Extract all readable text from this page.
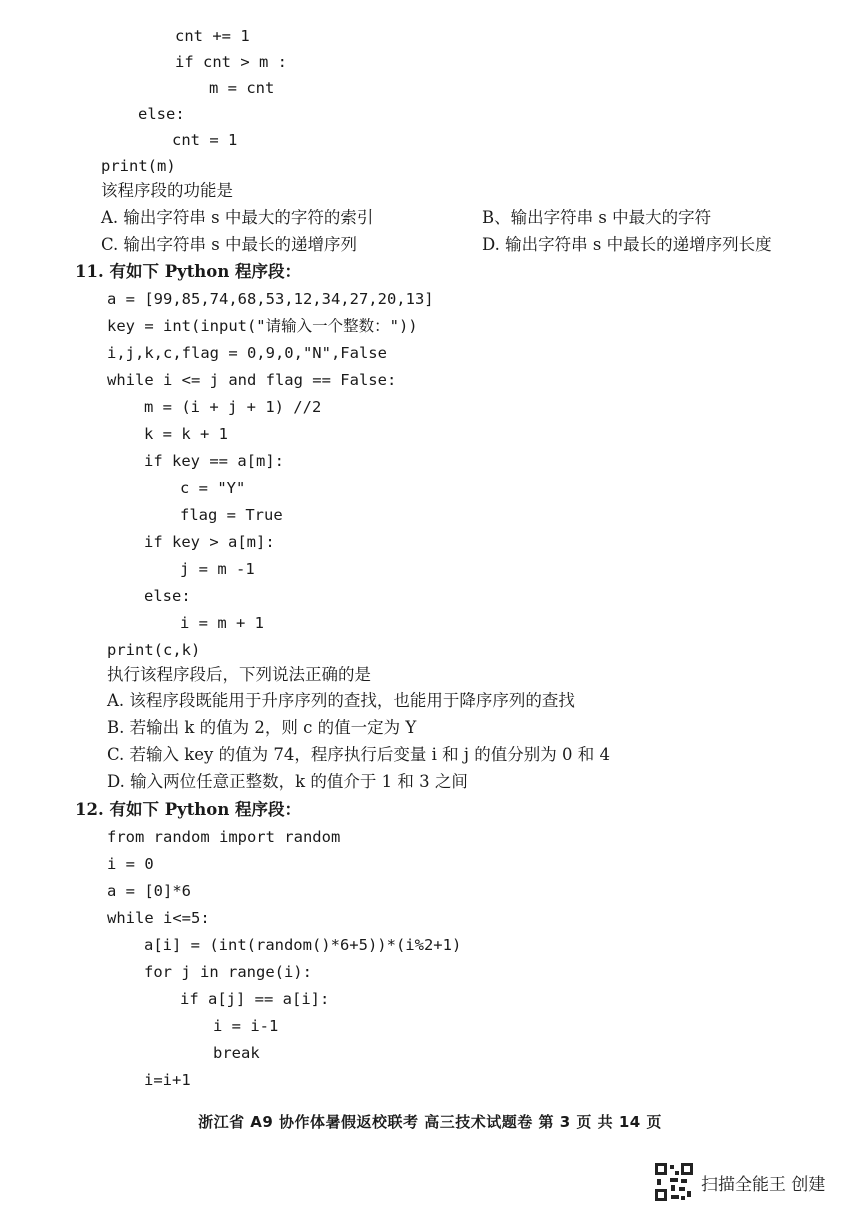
cnt += 1
if cnt > m :
m = cnt
else:
cnt = 1
print(m)
该程序段的功能是
A. 输出字符串 s 中最大的字符的索引	B、输出字符串 s 中最大的字符
C. 输出字符串 s 中最长的递增序列	D. 输出字符串 s 中最长的递增序列长度
11. 有如下 Python 程序段：
a = [99,85,74,68,53,12,34,27,20,13]
key = int(input("请输入一个整数："))
i,j,k,c,flag = 0,9,0,"N",False
while i <= j and flag == False:
m = (i + j + 1) //2
k = k + 1
if key == a[m]:
c = "Y"
flag = True
if key > a[m]:
j = m -1
else:
i = m + 1
print(c,k)
执行该程序段后，下列说法正确的是
A. 该程序段既能用于升序序列的查找，也能用于降序序列的查找
B. 若输出 k 的值为 2，则 c 的值一定为 Y
C. 若输入 key 的值为 74，程序执行后变量 i 和 j 的值分别为 0 和 4
D. 输入两位任意正整数，k 的值介于 1 和 3 之间
12. 有如下 Python 程序段：
from random import random
i = 0
a = [0]*6
while i<=5:
a[i] = (int(random()*6+5))*(i%2+1)
for j in range(i):
if a[j] == a[i]:
i = i-1
break
i=i+1
浙江省 A9 协作体暑假返校联考 高三技术试题卷 第 3 页 共 14 页
扫描全能王 创建
